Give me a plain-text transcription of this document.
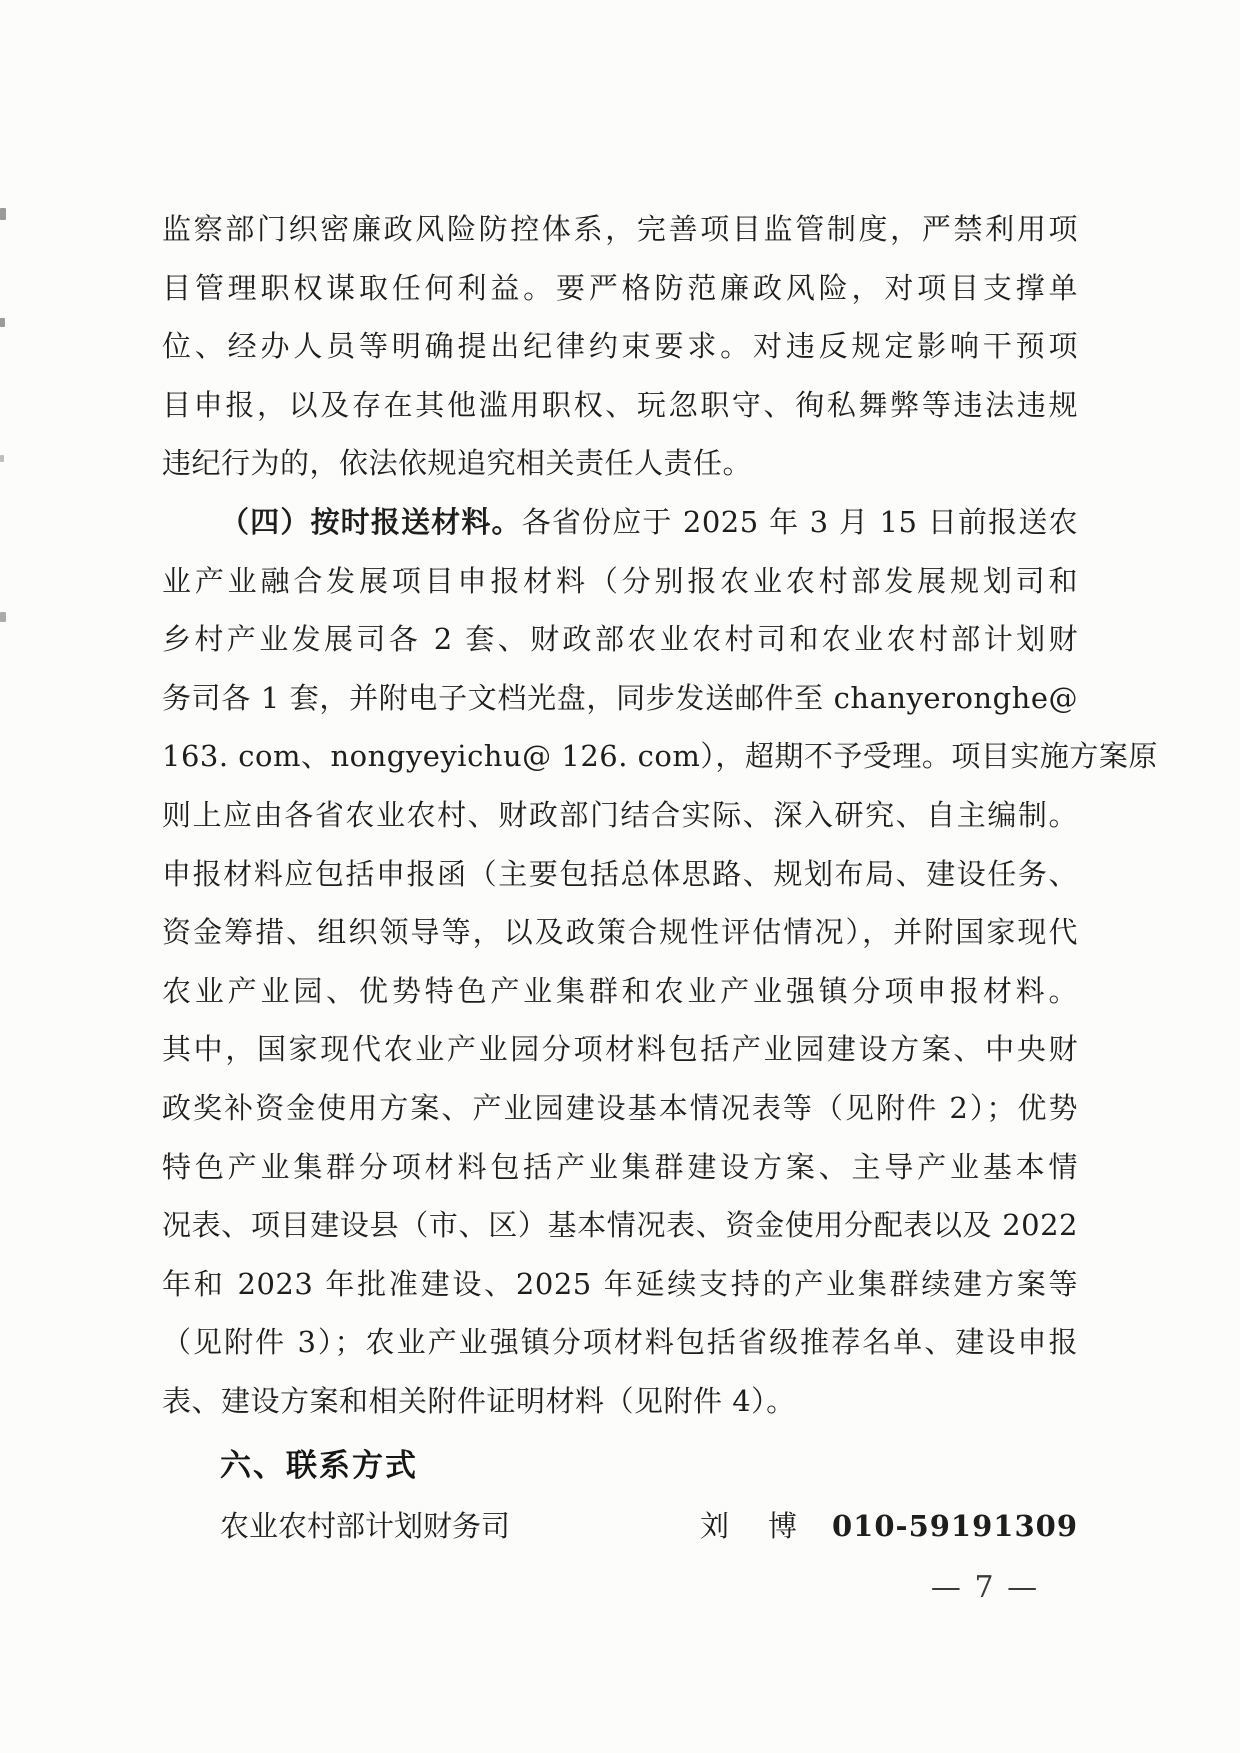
监察部门织密廉政风险防控体系，完善项目监管制度，严禁利用项
目管理职权谋取任何利益。要严格防范廉政风险，对项目支撑单
位、经办人员等明确提出纪律约束要求。对违反规定影响干预项
目申报，以及存在其他滥用职权、玩忽职守、徇私舞弊等违法违规
违纪行为的，依法依规追究相关责任人责任。
（四）按时报送材料。各省份应于 2025 年 3 月 15 日前报送农
业产业融合发展项目申报材料（分别报农业农村部发展规划司和
乡村产业发展司各 2 套、财政部农业农村司和农业农村部计划财
务司各 1 套，并附电子文档光盘，同步发送邮件至 chanyeronghe@
163. com、nongyeyichu@ 126. com），超期不予受理。项目实施方案原
则上应由各省农业农村、财政部门结合实际、深入研究、自主编制。
申报材料应包括申报函（主要包括总体思路、规划布局、建设任务、
资金筹措、组织领导等，以及政策合规性评估情况），并附国家现代
农业产业园、优势特色产业集群和农业产业强镇分项申报材料。
其中，国家现代农业产业园分项材料包括产业园建设方案、中央财
政奖补资金使用方案、产业园建设基本情况表等（见附件 2）；优势
特色产业集群分项材料包括产业集群建设方案、主导产业基本情
况表、项目建设县（市、区）基本情况表、资金使用分配表以及 2022
年和 2023 年批准建设、2025 年延续支持的产业集群续建方案等
（见附件 3）；农业产业强镇分项材料包括省级推荐名单、建设申报
表、建设方案和相关附件证明材料（见附件 4）。
六、联系方式
农业农村部计划财务司	刘　博 010-59191309
— 7 —
